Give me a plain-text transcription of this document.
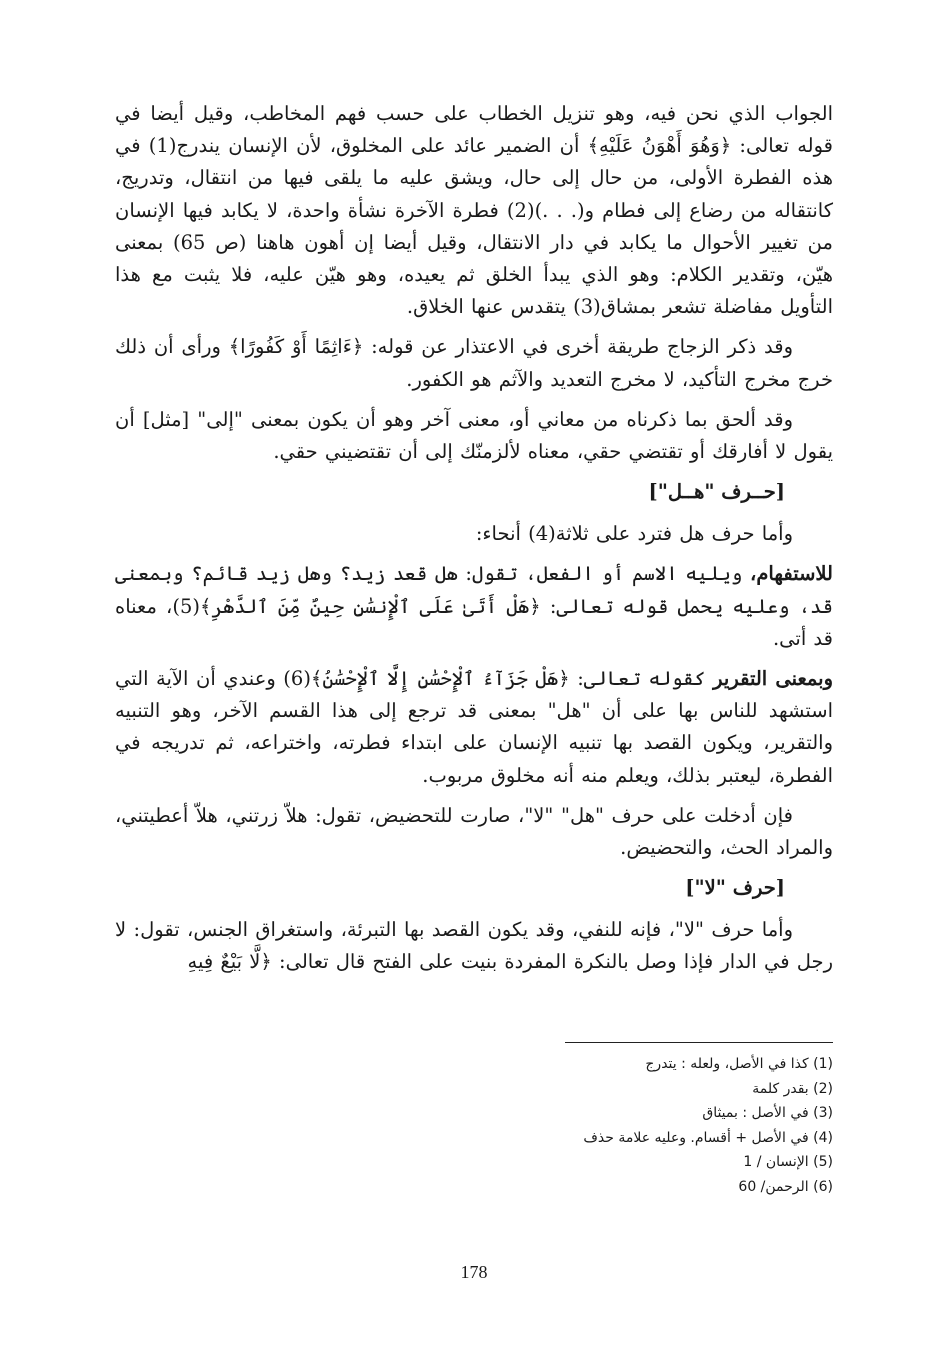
الجواب الذي نحن فيه، وهو تنزيل الخطاب على حسب فهم المخاطب، وقيل أيضا في قوله تعالى: ﴿وَهُوَ أَهْوَنُ عَلَيْهِ﴾ أن الضمير عائد على المخلوق، لأن الإنسان يندرج(1) في هذه الفطرة الأولى، من حال إلى حال، ويشق عليه ما يلقى فيها من انتقال، وتدريج، كانتقاله من رضاع إلى فطام و(. . .)(2) فطرة الآخرة نشأة واحدة، لا يكابد فيها الإنسان من تغيير الأحوال ما يكابد في دار الانتقال، وقيل أيضا إن أهون هاهنا (ص 65) بمعنى هيّن، وتقدير الكلام: وهو الذي يبدأ الخلق ثم يعيده، وهو هيّن عليه، فلا يثبت مع هذا التأويل مفاضلة تشعر بمشاق(3) يتقدس عنها الخلاق.

وقد ذكر الزجاج طريقة أخرى في الاعتذار عن قوله: ﴿ءَاثِمًا أَوْ كَفُورًا﴾ ورأى أن ذلك خرج مخرج التأكيد، لا مخرج التعديد والآثم هو الكفور.

وقد ألحق بما ذكرناه من معاني أو، معنى آخر وهو أن يكون بمعنى "إلى" [مثل] أن يقول لا أفارقك أو تقتضي حقي، معناه لألزمنّك إلى أن تقتضيني حقي.

[حــرف "هــل"]

وأما حرف هل فترد على ثلاثة(4) أنحاء:

للاستفهام، ويليه الاسم أو الفعل، تقول: هل قعد زيد؟ وهل زيد قائم؟ وبمعنى قد، وعليه يحمل قوله تعالى: ﴿هَلْ أَتَىٰ عَلَى ٱلْإِنسَٰنِ حِينٌ مِّنَ ٱلدَّهْرِ﴾(5)، معناه قد أتى.

وبمعنى التقرير كقوله تعالى: ﴿هَلْ جَزَآءُ ٱلْإِحْسَٰنِ إِلَّا ٱلْإِحْسَٰنُ﴾(6) وعندي أن الآية التي استشهد للناس بها على أن "هل" بمعنى قد ترجع إلى هذا القسم الآخر، وهو التنبيه والتقرير، ويكون القصد بها تنبيه الإنسان على ابتداء فطرته، واختراعه، ثم تدريجه في الفطرة، ليعتبر بذلك، ويعلم منه أنه مخلوق مربوب.

فإن أدخلت على حرف "هل" "لا"، صارت للتحضيض، تقول: هلاّ زرتني، هلاّ أعطيتني، والمراد الحث، والتحضيض.

[حرف "لا"]

وأما حرف "لا"، فإنه للنفي، وقد يكون القصد بها التبرئة، واستغراق الجنس، تقول: لا رجل في الدار فإذا وصل بالنكرة المفردة بنيت على الفتح قال تعالى: ﴿لَّا بَيْعٌ فِيهِ

(1) كذا في الأصل، ولعله : يتدرج
(2) بقدر كلمة
(3) في الأصل : بميثاق
(4) في الأصل + أقسام. وعليه علامة حذف
(5) الإنسان / 1
(6) الرحمن/ 60
178
